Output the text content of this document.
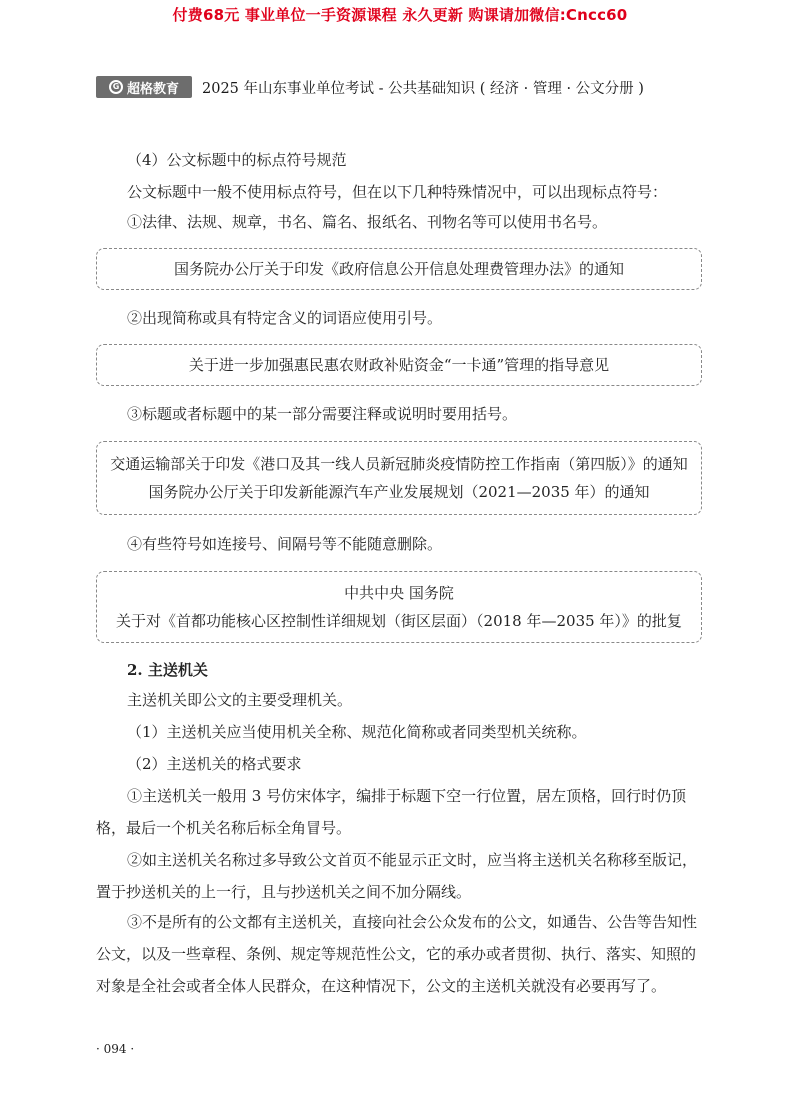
付费68元 事业单位一手资源课程 永久更新 购课请加微信:Cncc60
G 超格教育 2025 年山东事业单位考试 - 公共基础知识 ( 经济 · 管理 · 公文分册 )
（4）公文标题中的标点符号规范
公文标题中一般不使用标点符号，但在以下几种特殊情况中，可以出现标点符号：
①法律、法规、规章，书名、篇名、报纸名、刊物名等可以使用书名号。
国务院办公厅关于印发《政府信息公开信息处理费管理办法》的通知
②出现简称或具有特定含义的词语应使用引号。
关于进一步加强惠民惠农财政补贴资金“一卡通”管理的指导意见
③标题或者标题中的某一部分需要注释或说明时要用括号。
交通运输部关于印发《港口及其一线人员新冠肺炎疫情防控工作指南（第四版）》的通知
国务院办公厅关于印发新能源汽车产业发展规划（2021—2035 年）的通知
④有些符号如连接号、间隔号等不能随意删除。
中共中央 国务院
关于对《首都功能核心区控制性详细规划（街区层面）（2018 年—2035 年）》的批复
2. 主送机关
主送机关即公文的主要受理机关。
（1）主送机关应当使用机关全称、规范化简称或者同类型机关统称。
（2）主送机关的格式要求
①主送机关一般用 3 号仿宋体字，编排于标题下空一行位置，居左顶格，回行时仍顶格，最后一个机关名称后标全角冒号。
②如主送机关名称过多导致公文首页不能显示正文时，应当将主送机关名称移至版记，置于抄送机关的上一行，且与抄送机关之间不加分隔线。
③不是所有的公文都有主送机关，直接向社会公众发布的公文，如通告、公告等告知性公文，以及一些章程、条例、规定等规范性公文，它的承办或者贯彻、执行、落实、知照的对象是全社会或者全体人民群众，在这种情况下，公文的主送机关就没有必要再写了。
· 094 ·
